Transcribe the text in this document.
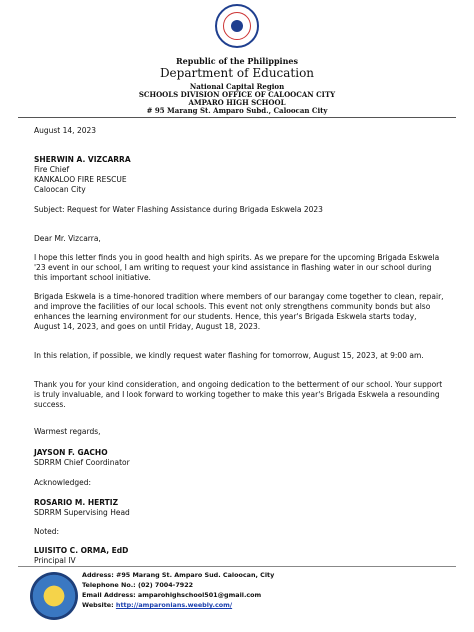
Republic of the Philippines
Department of Education
National Capital Region
SCHOOLS DIVISION OFFICE OF CALOOCAN CITY
AMPARO HIGH SCHOOL
# 95 Marang St. Amparo Subd., Caloocan City
August 14, 2023
SHERWIN A. VIZCARRA
Fire Chief
KANKALOO FIRE RESCUE
Caloocan City
Subject: Request for Water Flashing Assistance during Brigada Eskwela 2023
Dear Mr. Vizcarra,
I hope this letter finds you in good health and high spirits. As we prepare for the upcoming Brigada Eskwela '23 event in our school, I am writing to request your kind assistance in flashing water in our school during this important school initiative.
Brigada Eskwela is a time-honored tradition where members of our barangay come together to clean, repair, and improve the facilities of our local schools. This event not only strengthens community bonds but also enhances the learning environment for our students. Hence, this year's Brigada Eskwela starts today, August 14, 2023, and goes on until Friday, August 18, 2023.
In this relation, if possible, we kindly request water flashing for tomorrow, August 15, 2023, at 9:00 am.
Thank you for your kind consideration, and ongoing dedication to the betterment of our school. Your support is truly invaluable, and I look forward to working together to make this year's Brigada Eskwela a resounding success.
Warmest regards,
JAYSON F. GACHO
SDRRM Chief Coordinator
Acknowledged:
ROSARIO M. HERTIZ
SDRRM Supervising Head
Noted:
LUISITO C. ORMA, EdD
Principal IV
Address: #95 Marang St. Amparo Sud. Caloocan, City
Telephone No.: (02) 7004-7922
Email Address: amparohighschool501@gmail.com
Website: http://amparonians.weebly.com/
